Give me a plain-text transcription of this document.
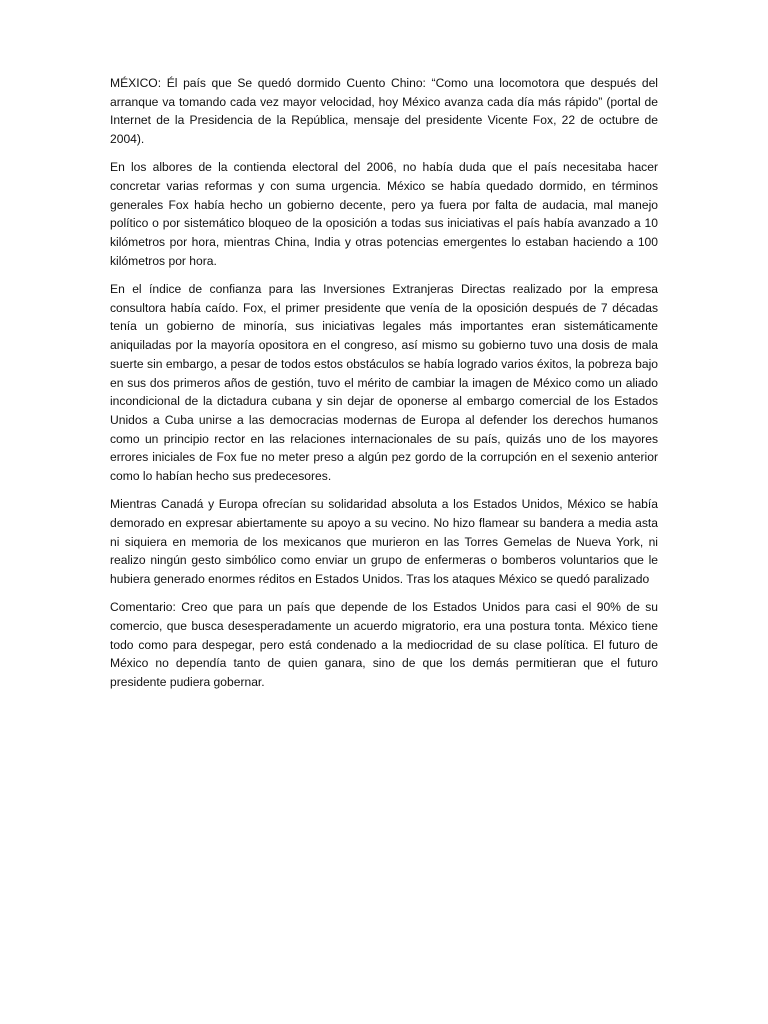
MÉXICO: Él país que Se quedó dormido Cuento Chino: “Como una locomotora que después del arranque va tomando cada vez mayor velocidad, hoy México avanza cada día más rápido” (portal de Internet de la Presidencia de la República, mensaje del presidente Vicente Fox, 22 de octubre de 2004).

En los albores de la contienda electoral del 2006, no había duda que el país necesitaba hacer concretar varias reformas y con suma urgencia. México se había quedado dormido, en términos generales Fox había hecho un gobierno decente, pero ya fuera por falta de audacia, mal manejo político o por sistemático bloqueo de la oposición a todas sus iniciativas el país había avanzado a 10 kilómetros por hora, mientras China, India y otras potencias emergentes lo estaban haciendo a 100 kilómetros por hora.

En el índice de confianza para las Inversiones Extranjeras Directas realizado por la empresa consultora había caído. Fox, el primer presidente que venía de la oposición después de 7 décadas tenía un gobierno de minoría, sus iniciativas legales más importantes eran sistemáticamente aniquiladas por la mayoría opositora en el congreso, así mismo su gobierno tuvo una dosis de mala suerte sin embargo, a pesar de todos estos obstáculos se había logrado varios éxitos, la pobreza bajo en sus dos primeros años de gestión, tuvo el mérito de cambiar la imagen de México como un aliado incondicional de la dictadura cubana y sin dejar de oponerse al embargo comercial de los Estados Unidos a Cuba unirse a las democracias modernas de Europa al defender los derechos humanos como un principio rector en las relaciones internacionales de su país, quizás uno de los mayores errores iniciales de Fox fue no meter preso a algún pez gordo de la corrupción en el sexenio anterior como lo habían hecho sus predecesores.

Mientras Canadá y Europa ofrecían su solidaridad absoluta a los Estados Unidos, México se había demorado en expresar abiertamente su apoyo a su vecino. No hizo flamear su bandera a media asta ni siquiera en memoria de los mexicanos que murieron en las Torres Gemelas de Nueva York, ni realizo ningún gesto simbólico como enviar un grupo de enfermeras o bomberos voluntarios que le hubiera generado enormes réditos en Estados Unidos. Tras los ataques México se quedó paralizado

Comentario: Creo que para un país que depende de los Estados Unidos para casi el 90% de su comercio, que busca desesperadamente un acuerdo migratorio, era una postura tonta. México tiene todo como para despegar, pero está condenado a la mediocridad de su clase política. El futuro de México no dependía tanto de quien ganara, sino de que los demás permitieran que el futuro presidente pudiera gobernar.
